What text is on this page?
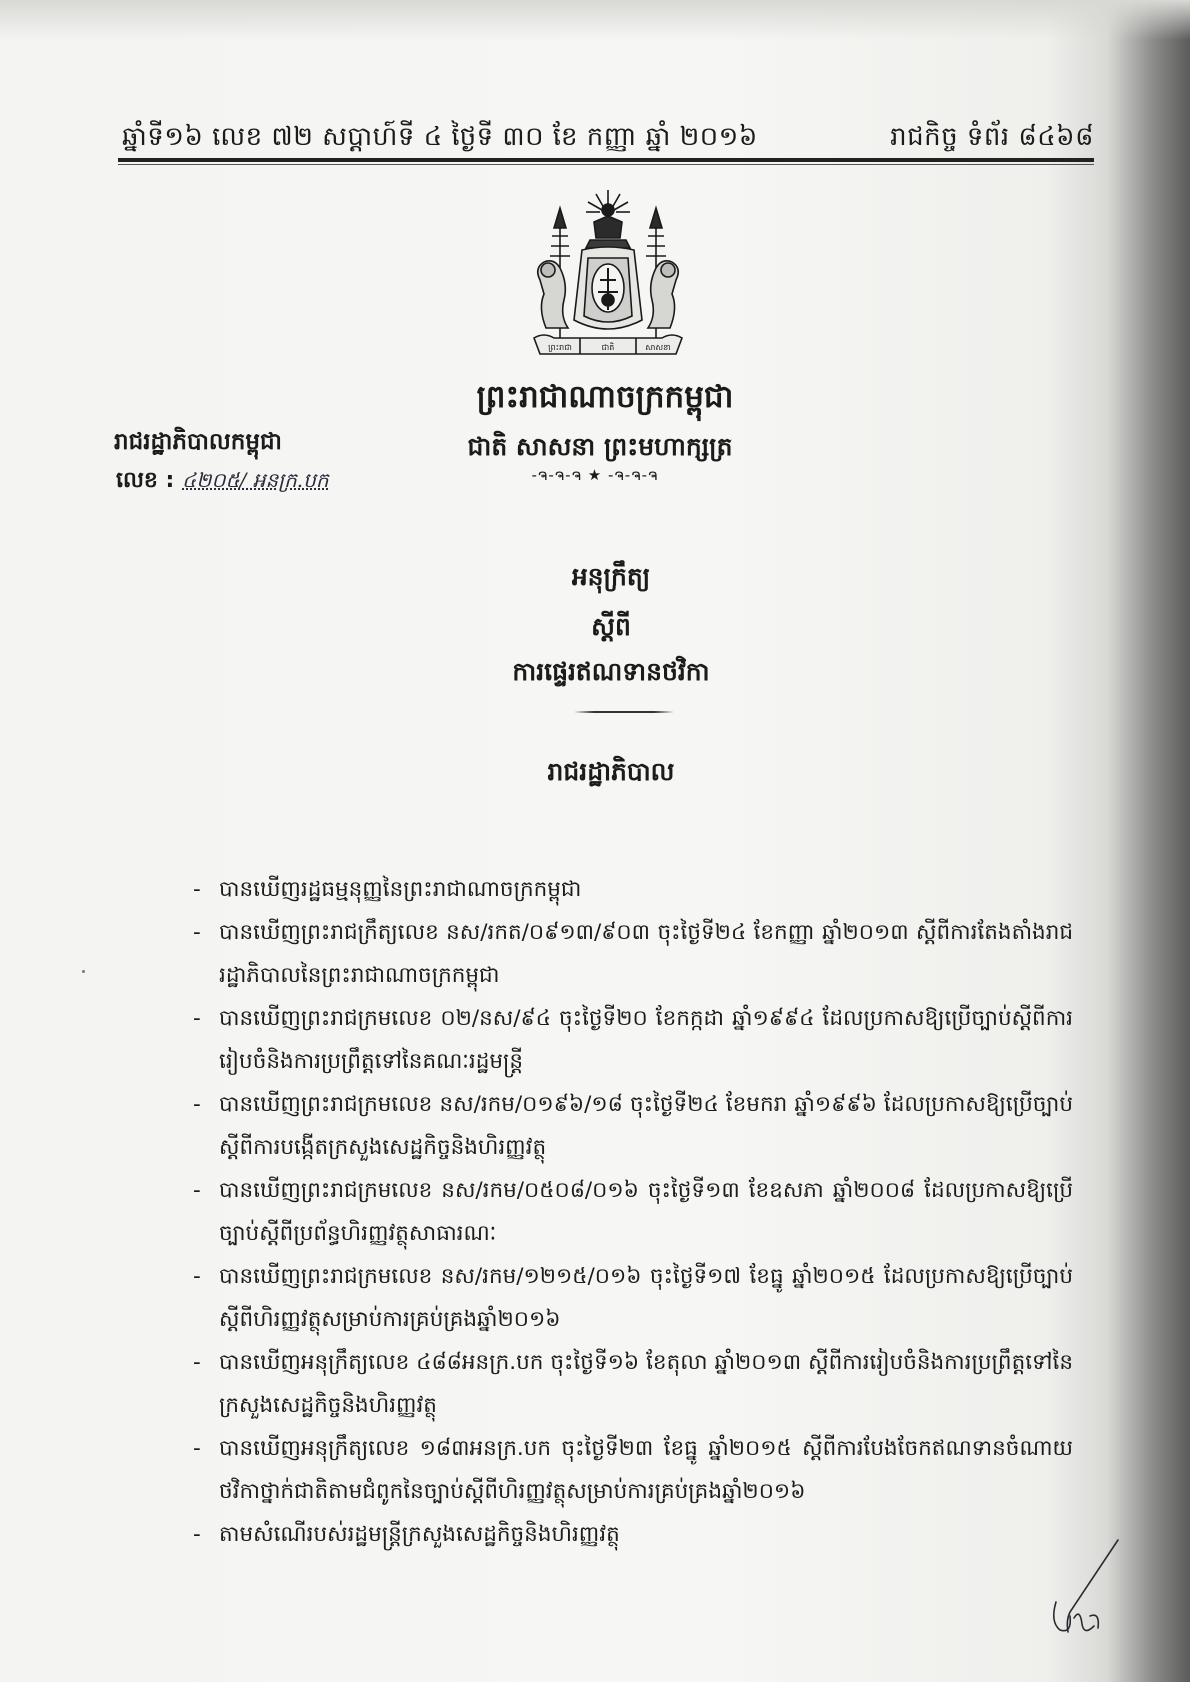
ឆ្នាំទី១៦ លេខ ៧២ សប្តាហ៍ទី ៤ ថ្ងៃទី ៣០ ខែ កញ្ញា ឆ្នាំ ២០១៦	រាជកិច្ច ទំព័រ ៨៤៦៨
ព្រះរាជា	ជាតិ	សាសនា
ព្រះរាជាណាចក្រកម្ពុជា
ជាតិ សាសនា ព្រះមហាក្សត្រ
-ຈ-ຈ-ຈ ★ -ຈ-ຈ-ຈ
រាជរដ្ឋាភិបាលកម្ពុជា
លេខ : ៤២០៥/ អនក្រ.បក
អនុក្រឹត្យ
ស្តីពី
ការផ្ទេរឥណទានថវិកា
រាជរដ្ឋាភិបាល
- បានឃើញរដ្ឋធម្មនុញ្ញនៃព្រះរាជាណាចក្រកម្ពុជា
- បានឃើញព្រះរាជក្រឹត្យលេខ នស/រកត/០៩១៣/៩០៣ ចុះថ្ងៃទី២៤ ខែកញ្ញា ឆ្នាំ២០១៣ ស្តីពីការតែងតាំងរាជរដ្ឋាភិបាលនៃព្រះរាជាណាចក្រកម្ពុជា
- បានឃើញព្រះរាជក្រមលេខ ០២/នស/៩៤ ចុះថ្ងៃទី២០ ខែកក្កដា ឆ្នាំ១៩៩៤ ដែលប្រកាសឱ្យប្រើច្បាប់ស្តីពីការរៀបចំនិងការប្រព្រឹត្តទៅនៃគណៈរដ្ឋមន្ត្រី
- បានឃើញព្រះរាជក្រមលេខ នស/រកម/០១៩៦/១៨ ចុះថ្ងៃទី២៤ ខែមករា ឆ្នាំ១៩៩៦ ដែលប្រកាសឱ្យប្រើច្បាប់ស្តីពីការបង្កើតក្រសួងសេដ្ឋកិច្ចនិងហិរញ្ញវត្ថុ
- បានឃើញព្រះរាជក្រមលេខ នស/រកម/០៥០៨/០១៦ ចុះថ្ងៃទី១៣ ខែឧសភា ឆ្នាំ២០០៨ ដែលប្រកាសឱ្យប្រើច្បាប់ស្តីពីប្រព័ន្ធហិរញ្ញវត្ថុសាធារណៈ
- បានឃើញព្រះរាជក្រមលេខ នស/រកម/១២១៥/០១៦ ចុះថ្ងៃទី១៧ ខែធ្នូ ឆ្នាំ២០១៥ ដែលប្រកាសឱ្យប្រើច្បាប់ស្តីពីហិរញ្ញវត្ថុសម្រាប់ការគ្រប់គ្រងឆ្នាំ២០១៦
- បានឃើញអនុក្រឹត្យលេខ ៤៨៨អនក្រ.បក ចុះថ្ងៃទី១៦ ខែតុលា ឆ្នាំ២០១៣ ស្តីពីការរៀបចំនិងការប្រព្រឹត្តទៅនៃក្រសួងសេដ្ឋកិច្ចនិងហិរញ្ញវត្ថុ
- បានឃើញអនុក្រឹត្យលេខ ១៨៣អនក្រ.បក ចុះថ្ងៃទី២៣ ខែធ្នូ ឆ្នាំ២០១៥ ស្តីពីការបែងចែកឥណទានចំណាយថវិកាថ្នាក់ជាតិតាមជំពូកនៃច្បាប់ស្តីពីហិរញ្ញវត្ថុសម្រាប់ការគ្រប់គ្រងឆ្នាំ២០១៦
- តាមសំណើរបស់រដ្ឋមន្ត្រីក្រសួងសេដ្ឋកិច្ចនិងហិរញ្ញវត្ថុ
